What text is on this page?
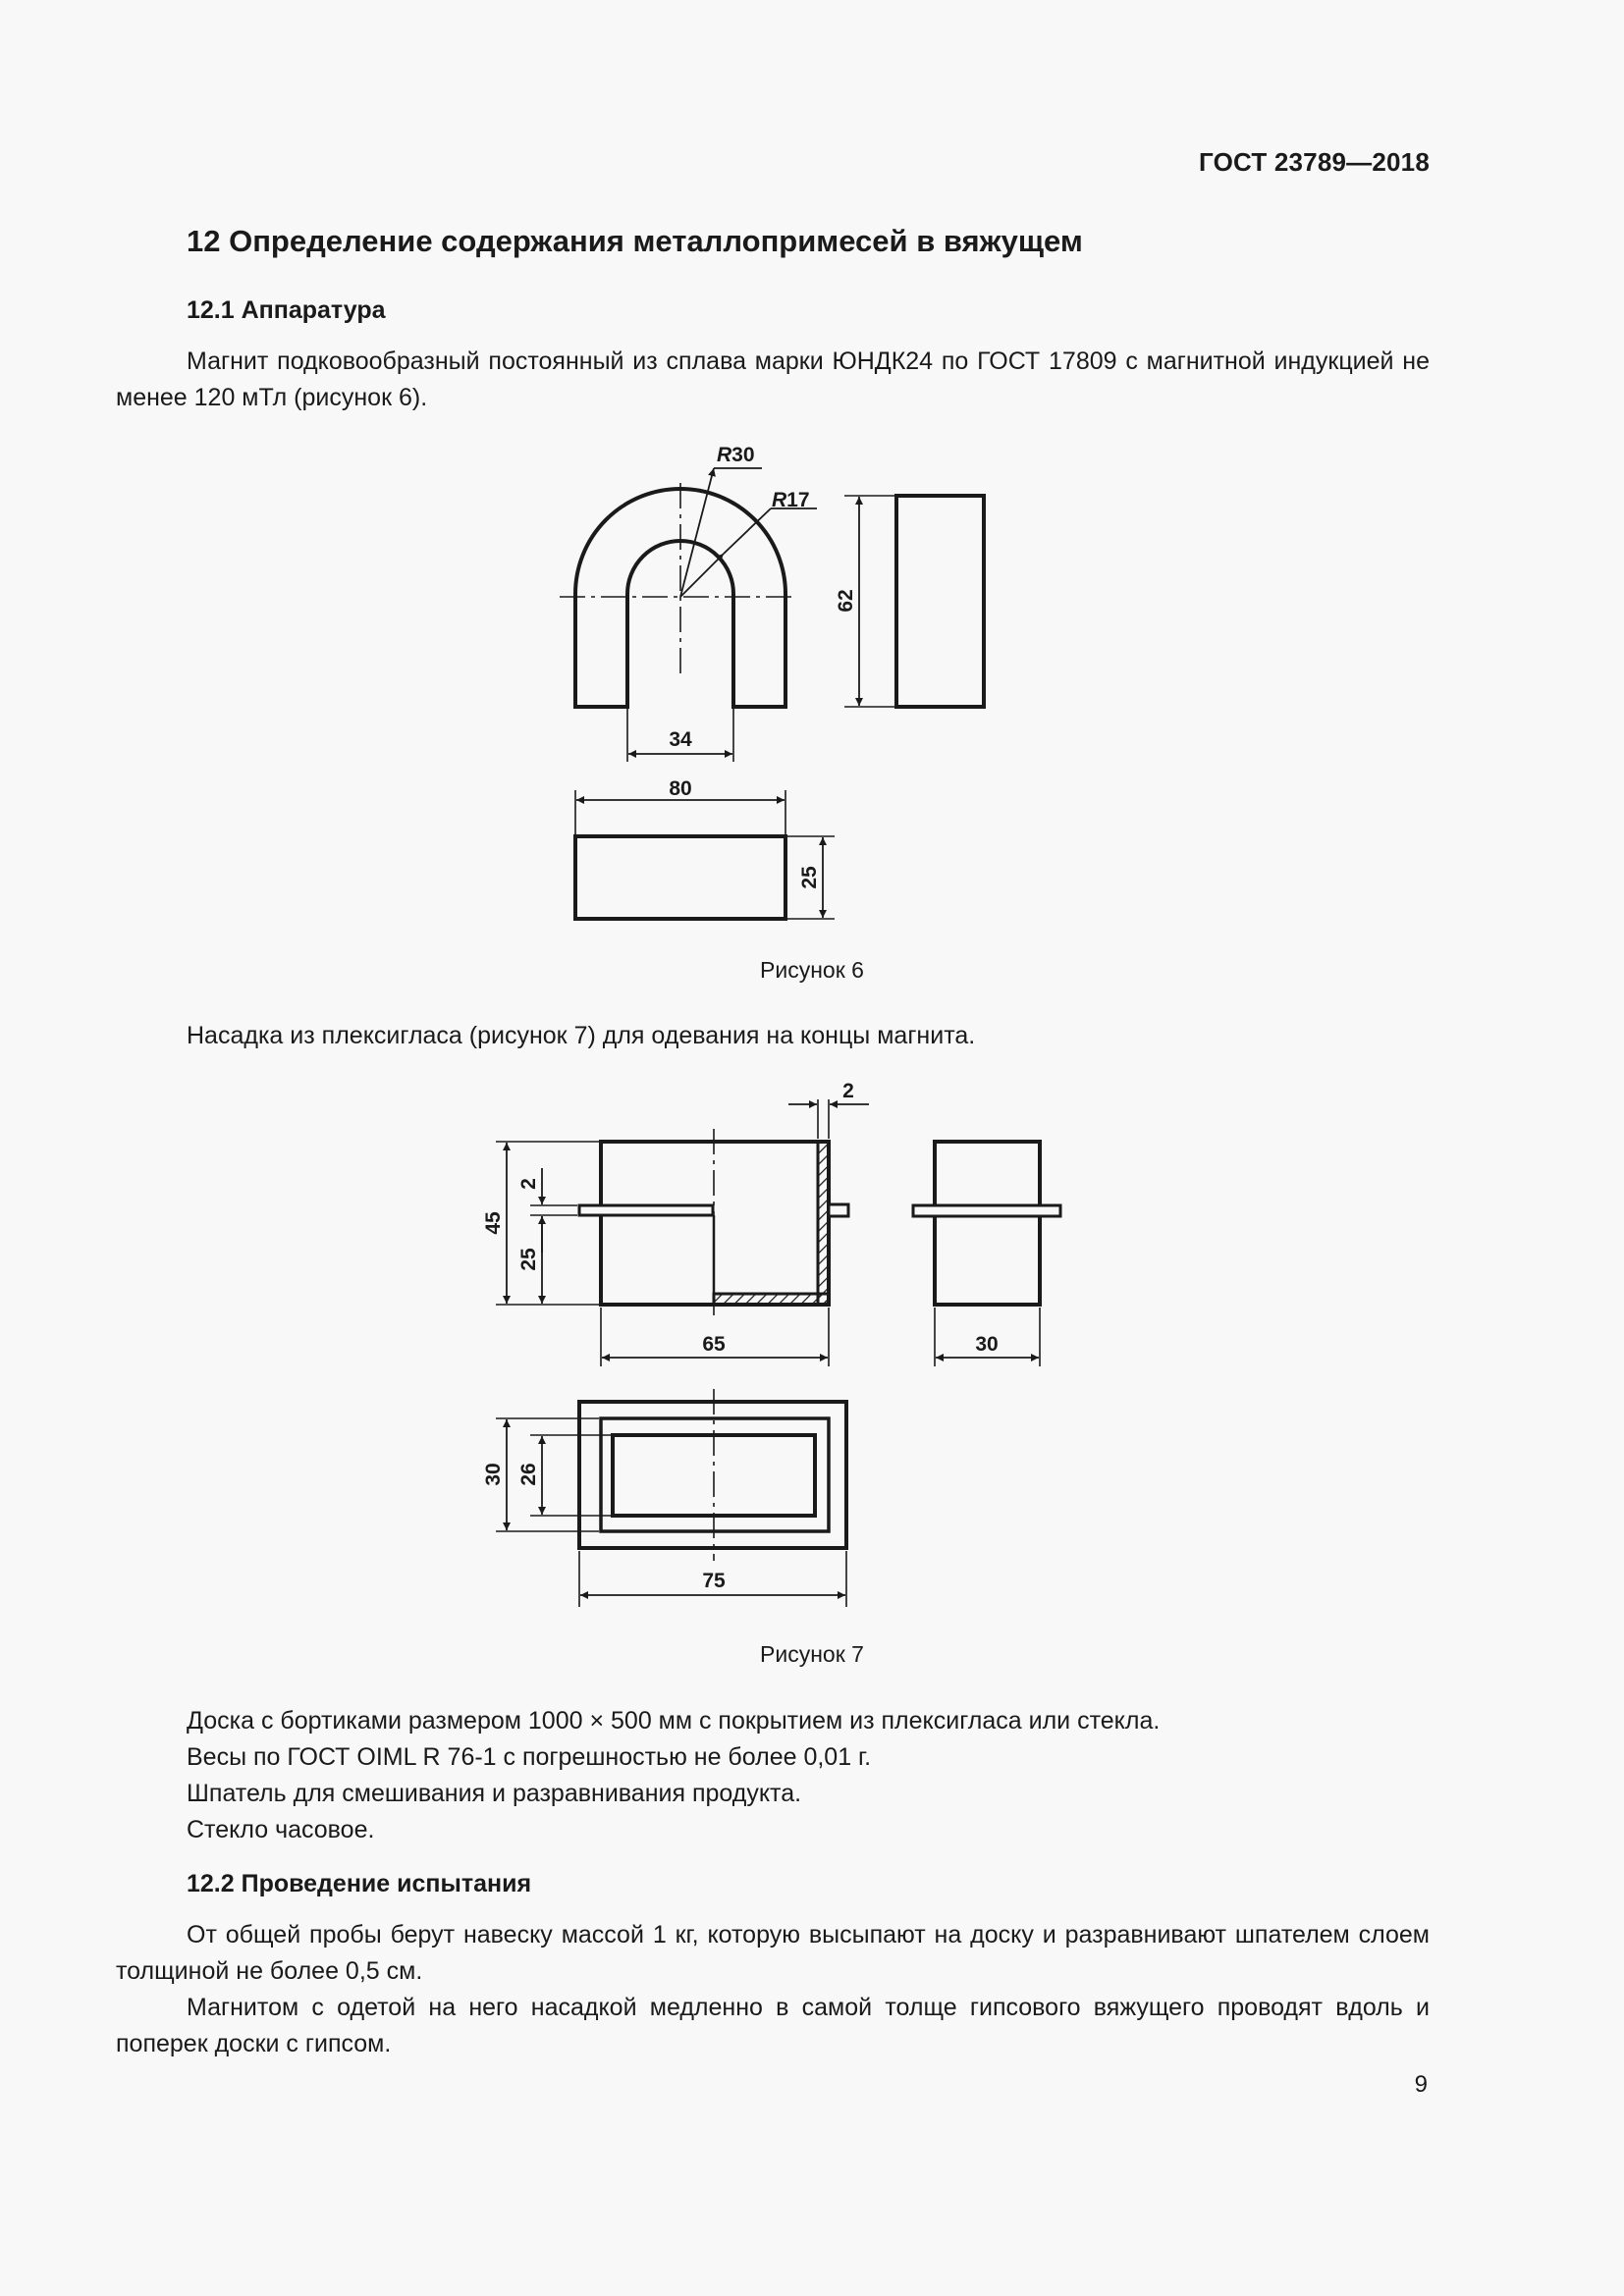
ГОСТ 23789—2018
12 Определение содержания металлопримесей в вяжущем
12.1 Аппаратура
Магнит подковообразный постоянный из сплава марки ЮНДК24 по ГОСТ 17809 с магнитной индукцией не менее 120 мТл (рисунок 6).
R30
R17
34
62
80
25
Рисунок 6
Насадка из плексигласа (рисунок 7) для одевания на концы магнита.
2
45
2
25
65	30
30 26
75
Рисунок 7
Доска с бортиками размером 1000 × 500 мм с покрытием из плексигласа или стекла.
Весы по ГОСТ OIML R 76-1 с погрешностью не более 0,01 г.
Шпатель для смешивания и разравнивания продукта.
Стекло часовое.
12.2 Проведение испытания
От общей пробы берут навеску массой 1 кг, которую высыпают на доску и разравнивают шпателем слоем толщиной не более 0,5 см.
Магнитом с одетой на него насадкой медленно в самой толще гипсового вяжущего проводят вдоль и поперек доски с гипсом.
9
